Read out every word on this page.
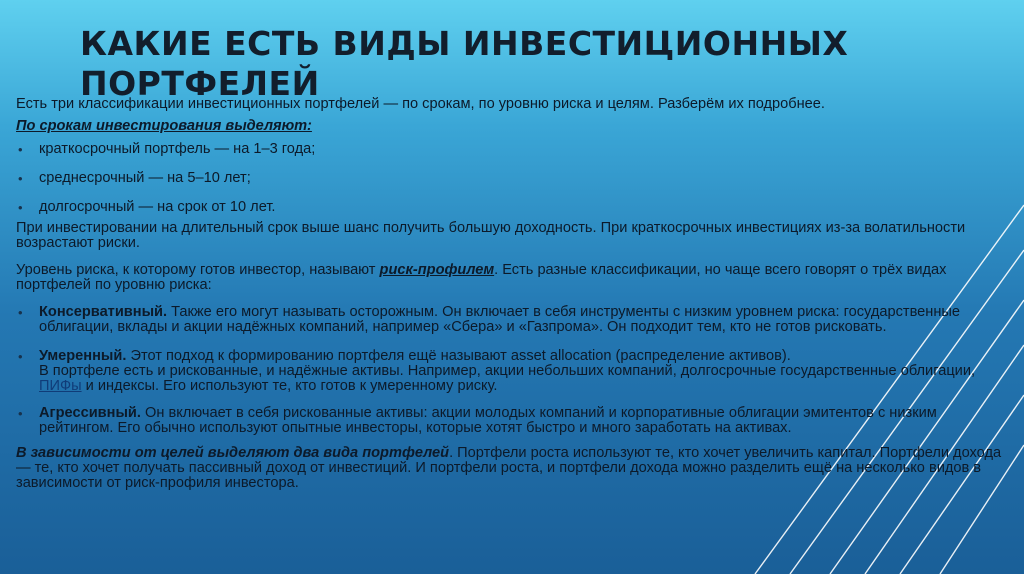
КАКИЕ ЕСТЬ ВИДЫ ИНВЕСТИЦИОННЫХ ПОРТФЕЛЕЙ

Есть три классификации инвестиционных портфелей — по срокам, по уровню риска и целям. Разберём их подробнее.

По срокам инвестирования выделяют:

• краткосрочный портфель — на 1–3 года;
• среднесрочный — на 5–10 лет;
• долгосрочный — на срок от 10 лет.

При инвестировании на длительный срок выше шанс получить большую доходность. При краткосрочных инвестициях из-за волатильности возрастают риски.

Уровень риска, к которому готов инвестор, называют риск-профилем. Есть разные классификации, но чаще всего говорят о трёх видах портфелей по уровню риска:

• Консервативный. Также его могут называть осторожным. Он включает в себя инструменты с низким уровнем риска: государственные облигации, вклады и акции надёжных компаний, например «Сбера» и «Газпрома». Он подходит тем, кто не готов рисковать.
• Умеренный. Этот подход к формированию портфеля ещё называют asset allocation (распределение активов).
В портфеле есть и рискованные, и надёжные активы. Например, акции небольших компаний, долгосрочные государственные облигации, ПИФы и индексы. Его используют те, кто готов к умеренному риску.
• Агрессивный. Он включает в себя рискованные активы: акции молодых компаний и корпоративные облигации эмитентов с низким рейтингом. Его обычно используют опытные инвесторы, которые хотят быстро и много заработать на активах.

В зависимости от целей выделяют два вида портфелей. Портфели роста используют те, кто хочет увеличить капитал. Портфели дохода — те, кто хочет получать пассивный доход от инвестиций. И портфели роста, и портфели дохода можно разделить ещё на несколько видов в зависимости от риск-профиля инвестора.
